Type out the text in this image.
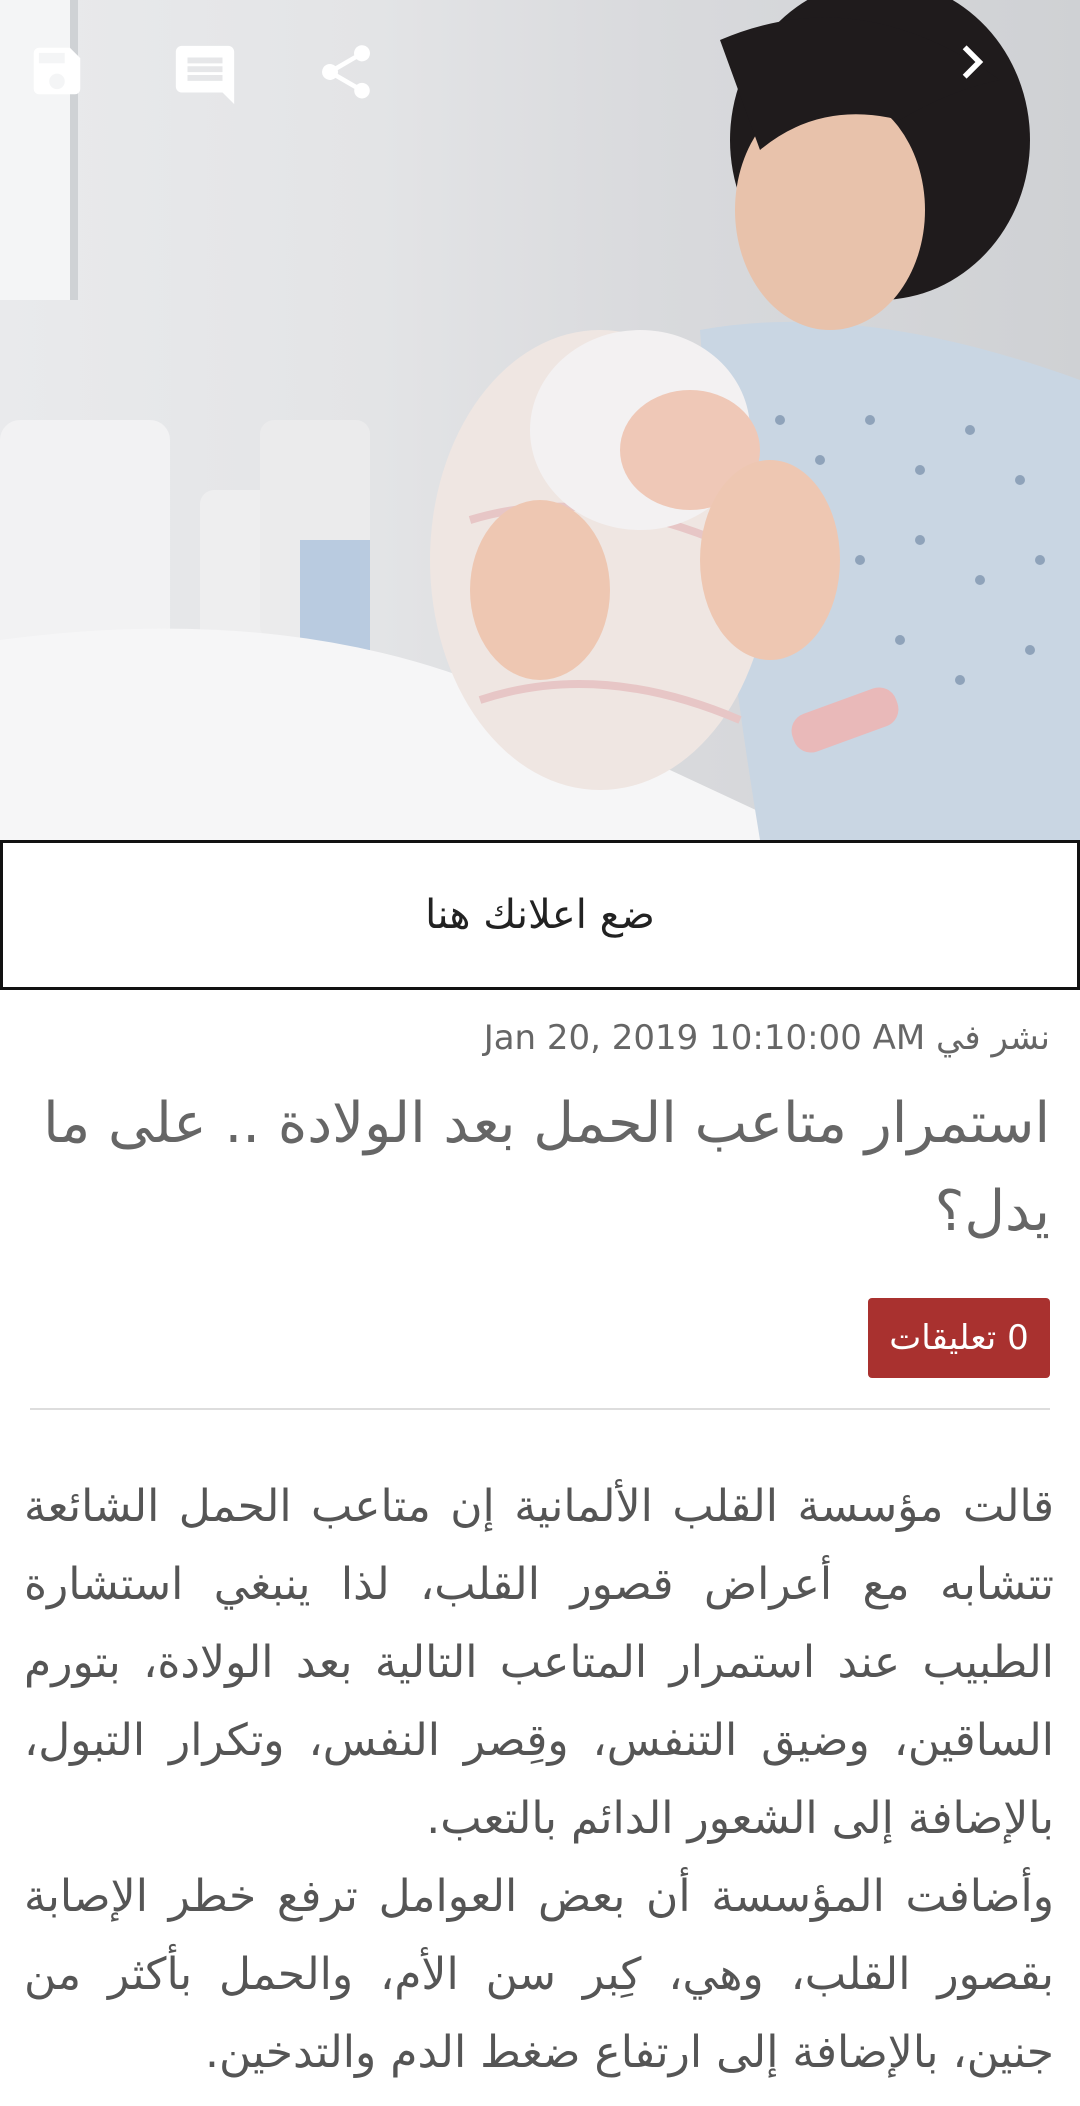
ضع اعلانك هنا
نشر في Jan 20, 2019 10:10:00 AM
استمرار متاعب الحمل بعد الولادة .. على ما يدل؟
0 تعليقات

قالت مؤسسة القلب الألمانية إن متاعب الحمل الشائعة تتشابه مع أعراض قصور القلب، لذا ينبغي استشارة الطبيب عند استمرار المتاعب التالية بعد الولادة، بتورم الساقين، وضيق التنفس، وقِصر النفس، وتكرار التبول، بالإضافة إلى الشعور الدائم بالتعب.

وأضافت المؤسسة أن بعض العوامل ترفع خطر الإصابة بقصور القلب، وهي، كِبر سن الأم، والحمل بأكثر من جنين، بالإضافة إلى ارتفاع ضغط الدم والتدخين.
